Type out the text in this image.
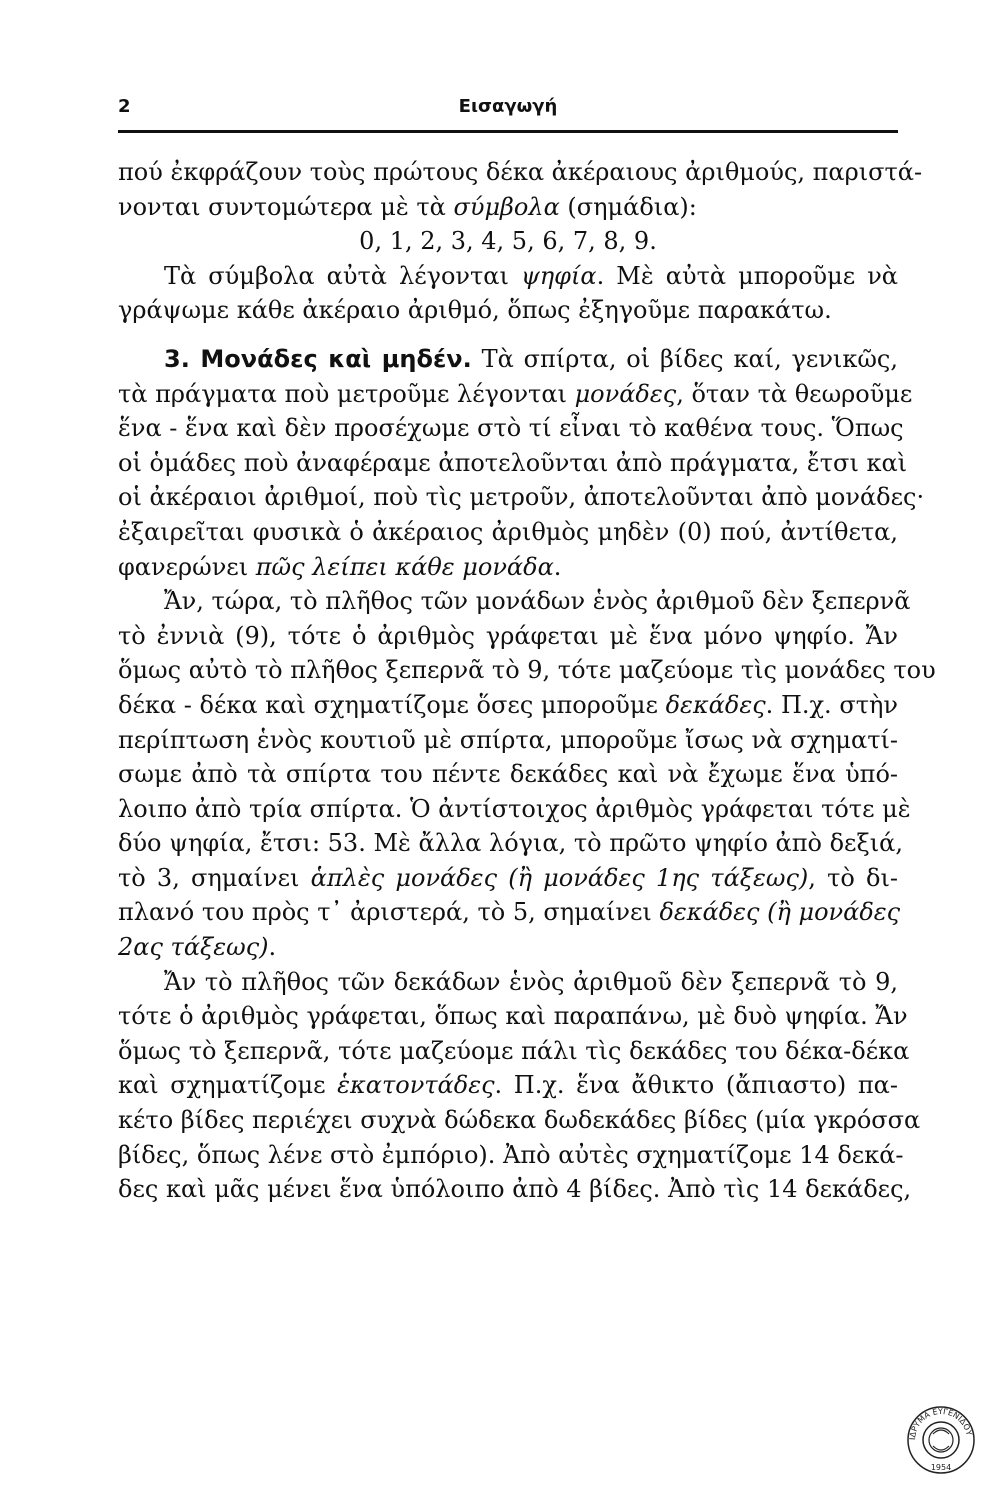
2	Εισαγωγή
πού ἐκφράζουν τοὺς πρώτους δέκα ἀκέραιους ἀριθμούς, παριστά-
νονται συντομώτερα μὲ τὰ σύμβολα (σημάδια):
0, 1, 2, 3, 4, 5, 6, 7, 8, 9.
Τὰ σύμβολα αὐτὰ λέγονται ψηφία. Μὲ αὐτὰ μποροῦμε νὰ
γράψωμε κάθε ἀκέραιο ἀριθμό, ὅπως ἐξηγοῦμε παρακάτω.
3. Μονάδες καὶ μηδέν. Τὰ σπίρτα, οἱ βίδες καί, γενικῶς,
τὰ πράγματα ποὺ μετροῦμε λέγονται μονάδες, ὅταν τὰ θεωροῦμε
ἕνα - ἕνα καὶ δὲν προσέχωμε στὸ τί εἶναι τὸ καθένα τους. Ὅπως
οἱ ὁμάδες ποὺ ἀναφέραμε ἀποτελοῦνται ἀπὸ πράγματα, ἔτσι καὶ
οἱ ἀκέραιοι ἀριθμοί, ποὺ τὶς μετροῦν, ἀποτελοῦνται ἀπὸ μονάδες·
ἐξαιρεῖται φυσικὰ ὁ ἀκέραιος ἀριθμὸς μηδὲν (0) πού, ἀντίθετα,
φανερώνει πῶς λείπει κάθε μονάδα.
Ἄν, τώρα, τὸ πλῆθος τῶν μονάδων ἑνὸς ἀριθμοῦ δὲν ξεπερνᾶ
τὸ ἐννιὰ (9), τότε ὁ ἀριθμὸς γράφεται μὲ ἕνα μόνο ψηφίο. Ἄν
ὅμως αὐτὸ τὸ πλῆθος ξεπερνᾶ τὸ 9, τότε μαζεύομε τὶς μονάδες του
δέκα - δέκα καὶ σχηματίζομε ὅσες μποροῦμε δεκάδες. Π.χ. στὴν
περίπτωση ἑνὸς κουτιοῦ μὲ σπίρτα, μποροῦμε ἴσως νὰ σχηματί-
σωμε ἀπὸ τὰ σπίρτα του πέντε δεκάδες καὶ νὰ ἔχωμε ἕνα ὑπό-
λοιπο ἀπὸ τρία σπίρτα. Ὁ ἀντίστοιχος ἀριθμὸς γράφεται τότε μὲ
δύο ψηφία, ἔτσι: 53. Μὲ ἄλλα λόγια, τὸ πρῶτο ψηφίο ἀπὸ δεξιά,
τὸ 3, σημαίνει ἁπλὲς μονάδες (ἢ μονάδες 1ης τάξεως), τὸ δι-
πλανό του πρὸς τ᾽ ἀριστερά, τὸ 5, σημαίνει δεκάδες (ἢ μονάδες
2ας τάξεως).
Ἄν τὸ πλῆθος τῶν δεκάδων ἑνὸς ἀριθμοῦ δὲν ξεπερνᾶ τὸ 9,
τότε ὁ ἀριθμὸς γράφεται, ὅπως καὶ παραπάνω, μὲ δυὸ ψηφία. Ἄν
ὅμως τὸ ξεπερνᾶ, τότε μαζεύομε πάλι τὶς δεκάδες του δέκα-δέκα
καὶ σχηματίζομε ἑκατοντάδες. Π.χ. ἕνα ἄθικτο (ἄπιαστο) πα-
κέτο βίδες περιέχει συχνὰ δώδεκα δωδεκάδες βίδες (μία γκρόσσα
βίδες, ὅπως λένε στὸ ἐμπόριο). Ἀπὸ αὐτὲς σχηματίζομε 14 δεκά-
δες καὶ μᾶς μένει ἕνα ὑπόλοιπο ἀπὸ 4 βίδες. Ἀπὸ τὶς 14 δεκάδες,
ΙΔΡΥΜΑ ΕΥΓΕΝΙΔΟΥ
1954
